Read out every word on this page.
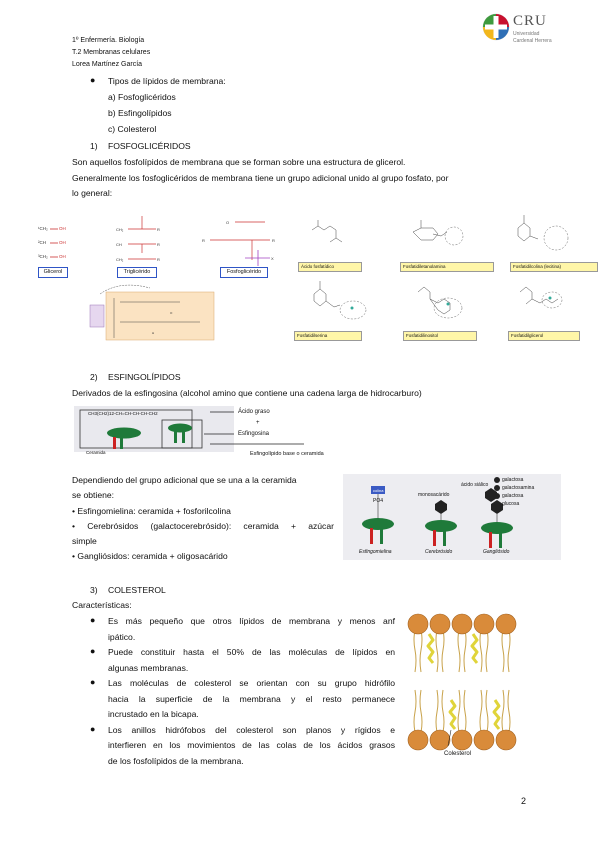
1º Enfermería. Biología
T.2 Membranas celulares
Lorea Martínez García
CRU
Universidad
Cardenal Herrera
● Tipos de lípidos de membrana:
a) Fosfoglicéridos
b) Esfingolípidos
c) Colesterol
1) FOSFOGLICÉRIDOS
Son aquellos fosfolípidos de membrana que se forman sobre una estructura de glicerol.
Generalmente los fosfoglicéridos de membrana tiene un grupo adicional unido al grupo fosfato, por
lo general:
¹CH₂
²CH
³CH₂
OH
OH
OH
CH₂
CH
CH₂
R
R
R
R
O
R
X
O
H
Glicerol	Triglicérido	Fosfoglicérido
Ácido fosfatídico	Fosfatidiletanolamina	Fosfatidilcolina (lecitina)
Fosfatidilserina	Fosfatidilinositol	Fosfatidilglicerol
2) ESFINGOLÍPIDOS
Derivados de la esfingosina (alcohol amino que contiene una cadena larga de hidrocarburo)
CH3(CH2)12-CH=CH-CH-CH-CH2	Ácido graso
+
Esfingosina
Ceramida	Esfingolípido base o ceramida
Dependiendo del grupo adicional que se una a la ceramida
se obtiene:
• Esfingomielina: ceramida + fosforilcolina
• Cerebrósidos (galactocerebrósido): ceramida + azúcar
simple
• Gangliósidos: ceramida + oligosacárido
colina
PO4
monosacárido
ácido siálico
galactosa
galactosamina
galactosa
glucosa
Esfingomielina	Cerebrósido	Gangliósido
3) COLESTEROL
Características:
● Es más pequeño que otros lípidos de membrana y menos anf
ipático.
● Puede constituir hasta el 50% de las moléculas de lípidos en
algunas membranas.
● Las moléculas de colesterol se orientan con su grupo hidrófilo
hacia la superficie de la membrana y el resto permanece
incrustado en la bicapa.
● Los anillos hidrófobos del colesterol son planos y rígidos e
interfieren en los movimientos de las colas de los ácidos grasos
de los fosfolípidos de la membrana.
Colesterol
2
